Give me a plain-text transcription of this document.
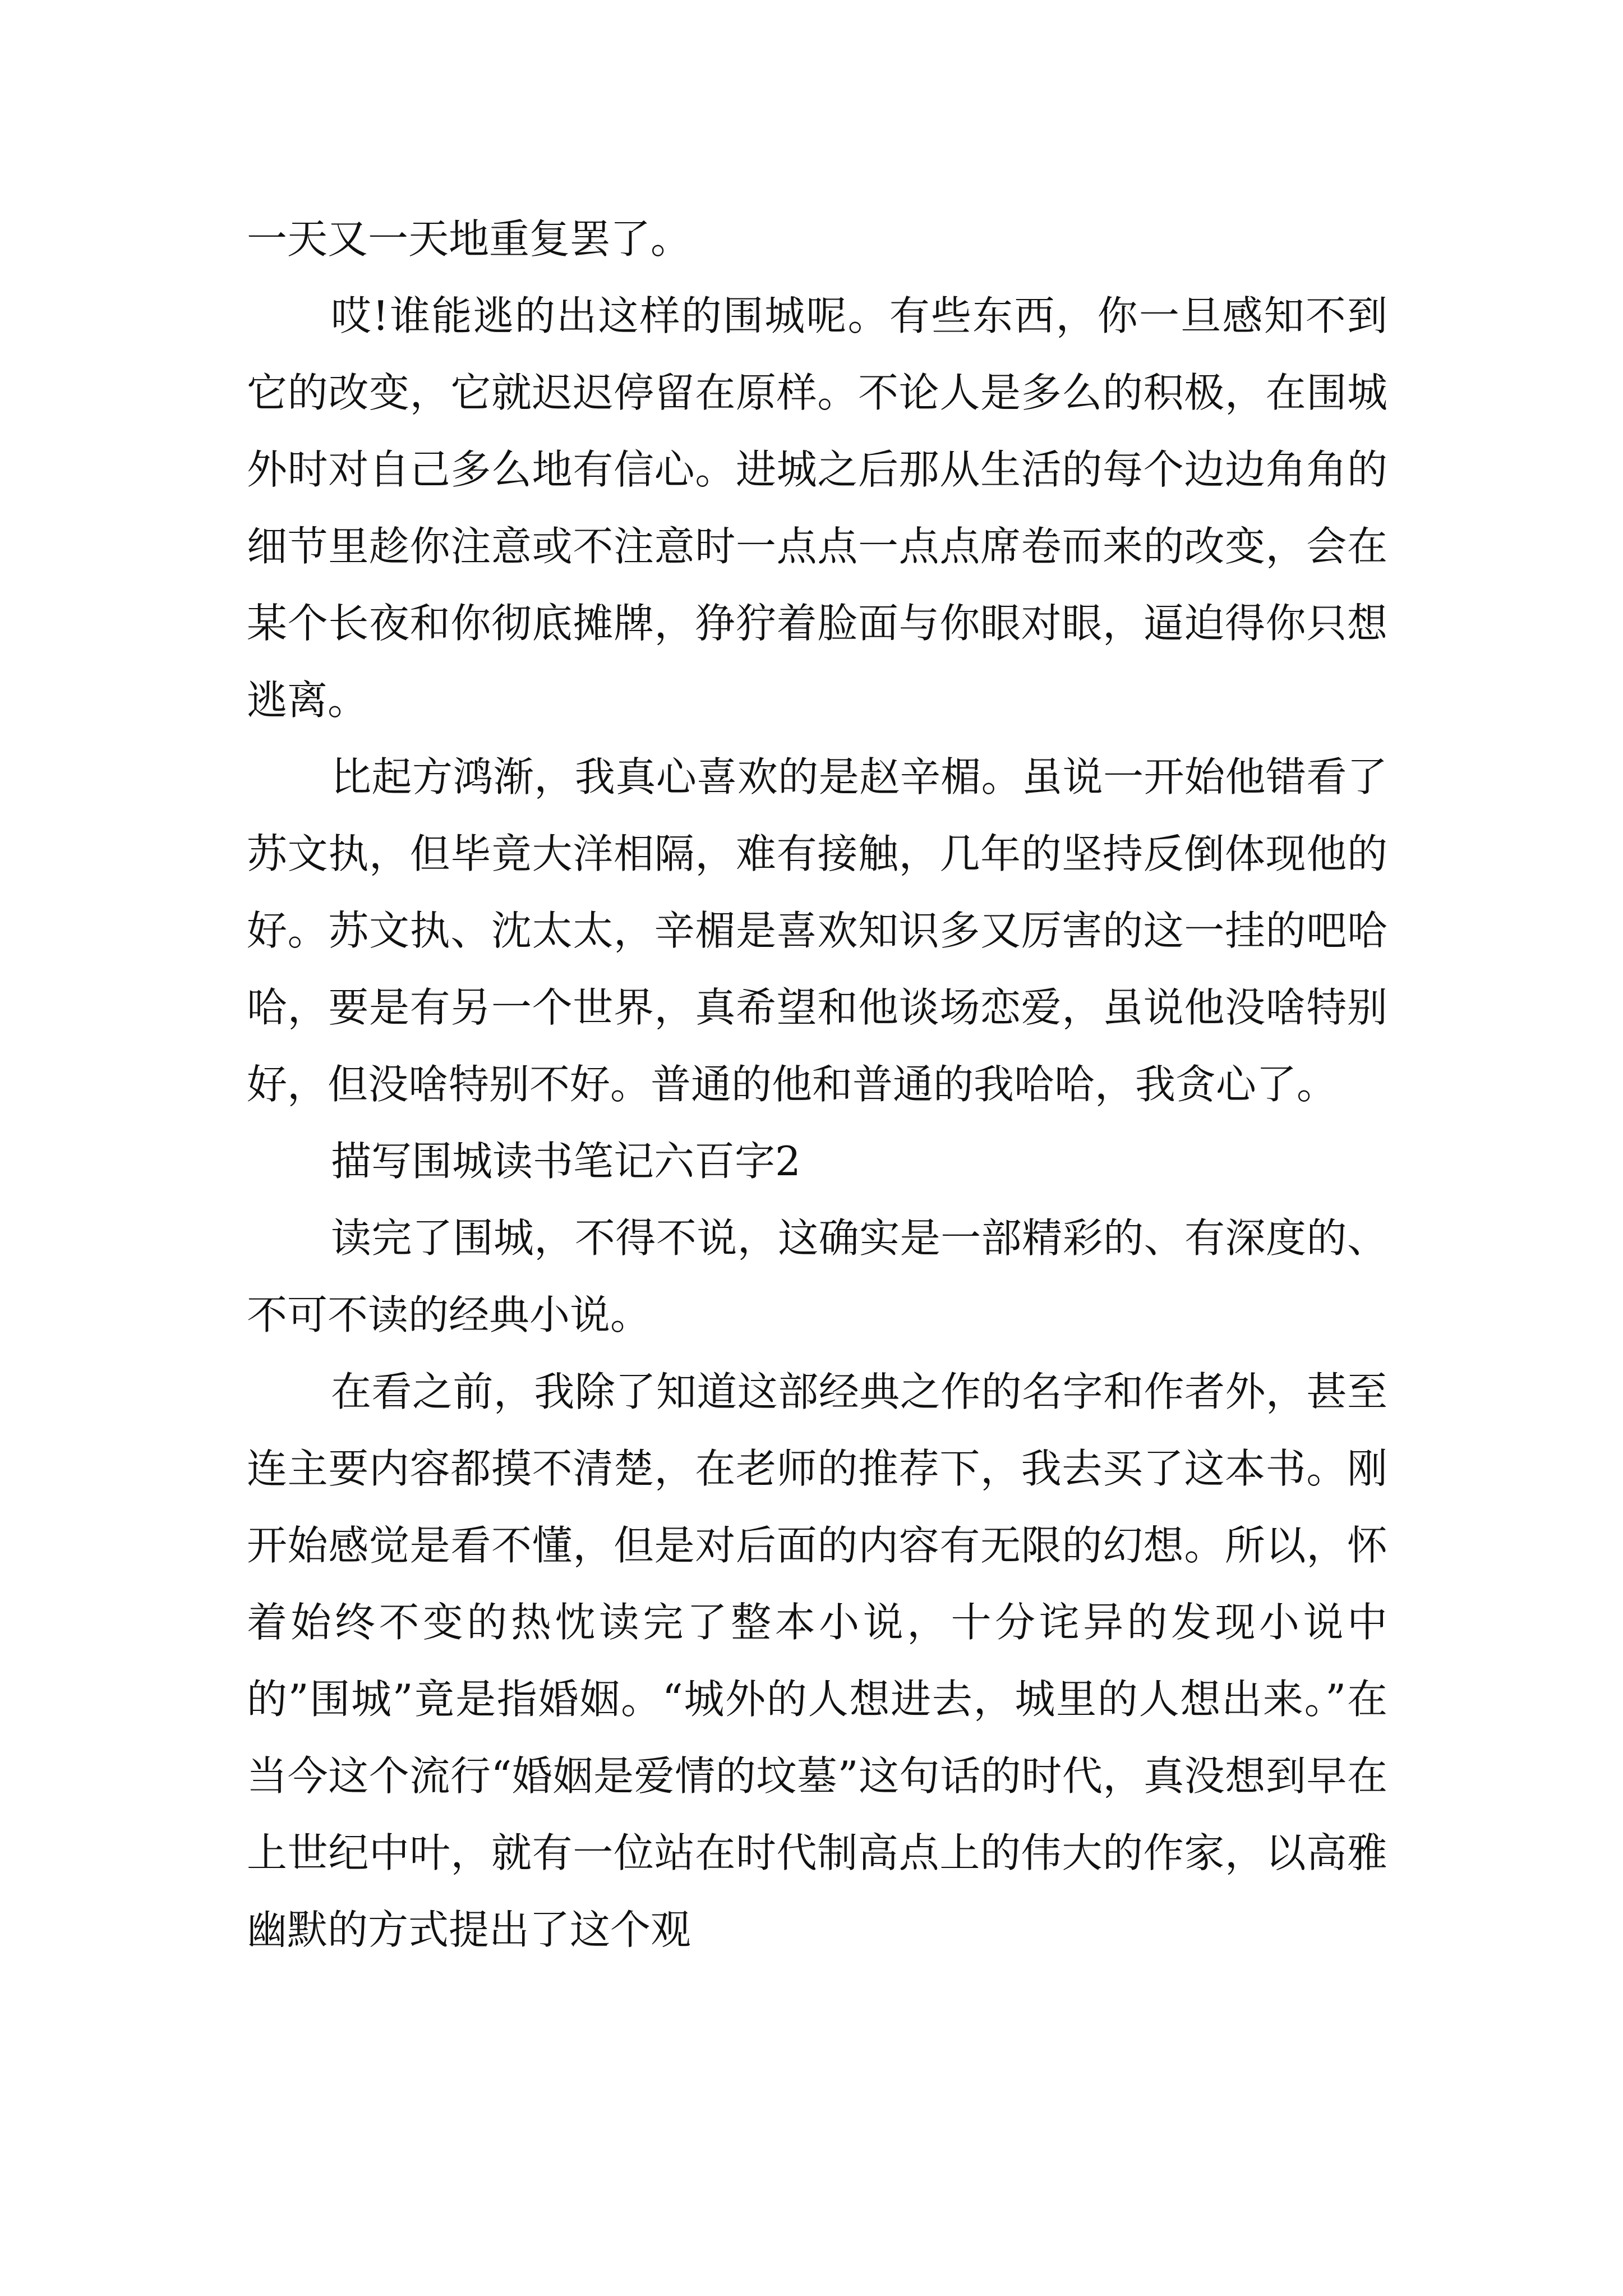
一天又一天地重复罢了。

哎!谁能逃的出这样的围城呢。有些东西，你一旦感知不到它的改变，它就迟迟停留在原样。不论人是多么的积极，在围城外时对自己多么地有信心。进城之后那从生活的每个边边角角的细节里趁你注意或不注意时一点点一点点席卷而来的改变，会在某个长夜和你彻底摊牌，狰狞着脸面与你眼对眼，逼迫得你只想逃离。

比起方鸿渐，我真心喜欢的是赵辛楣。虽说一开始他错看了苏文执，但毕竟大洋相隔，难有接触，几年的坚持反倒体现他的好。苏文执、沈太太，辛楣是喜欢知识多又厉害的这一挂的吧哈哈，要是有另一个世界，真希望和他谈场恋爱，虽说他没啥特别好，但没啥特别不好。普通的他和普通的我哈哈，我贪心了。

描写围城读书笔记六百字2

读完了围城，不得不说，这确实是一部精彩的、有深度的、不可不读的经典小说。

在看之前，我除了知道这部经典之作的名字和作者外，甚至连主要内容都摸不清楚，在老师的推荐下，我去买了这本书。刚开始感觉是看不懂，但是对后面的内容有无限的幻想。所以，怀着始终不变的热忱读完了整本小说，十分诧异的发现小说中的”围城”竟是指婚姻。“城外的人想进去，城里的人想出来。”在当今这个流行“婚姻是爱情的坟墓”这句话的时代，真没想到早在上世纪中叶，就有一位站在时代制高点上的伟大的作家，以高雅幽默的方式提出了这个观
